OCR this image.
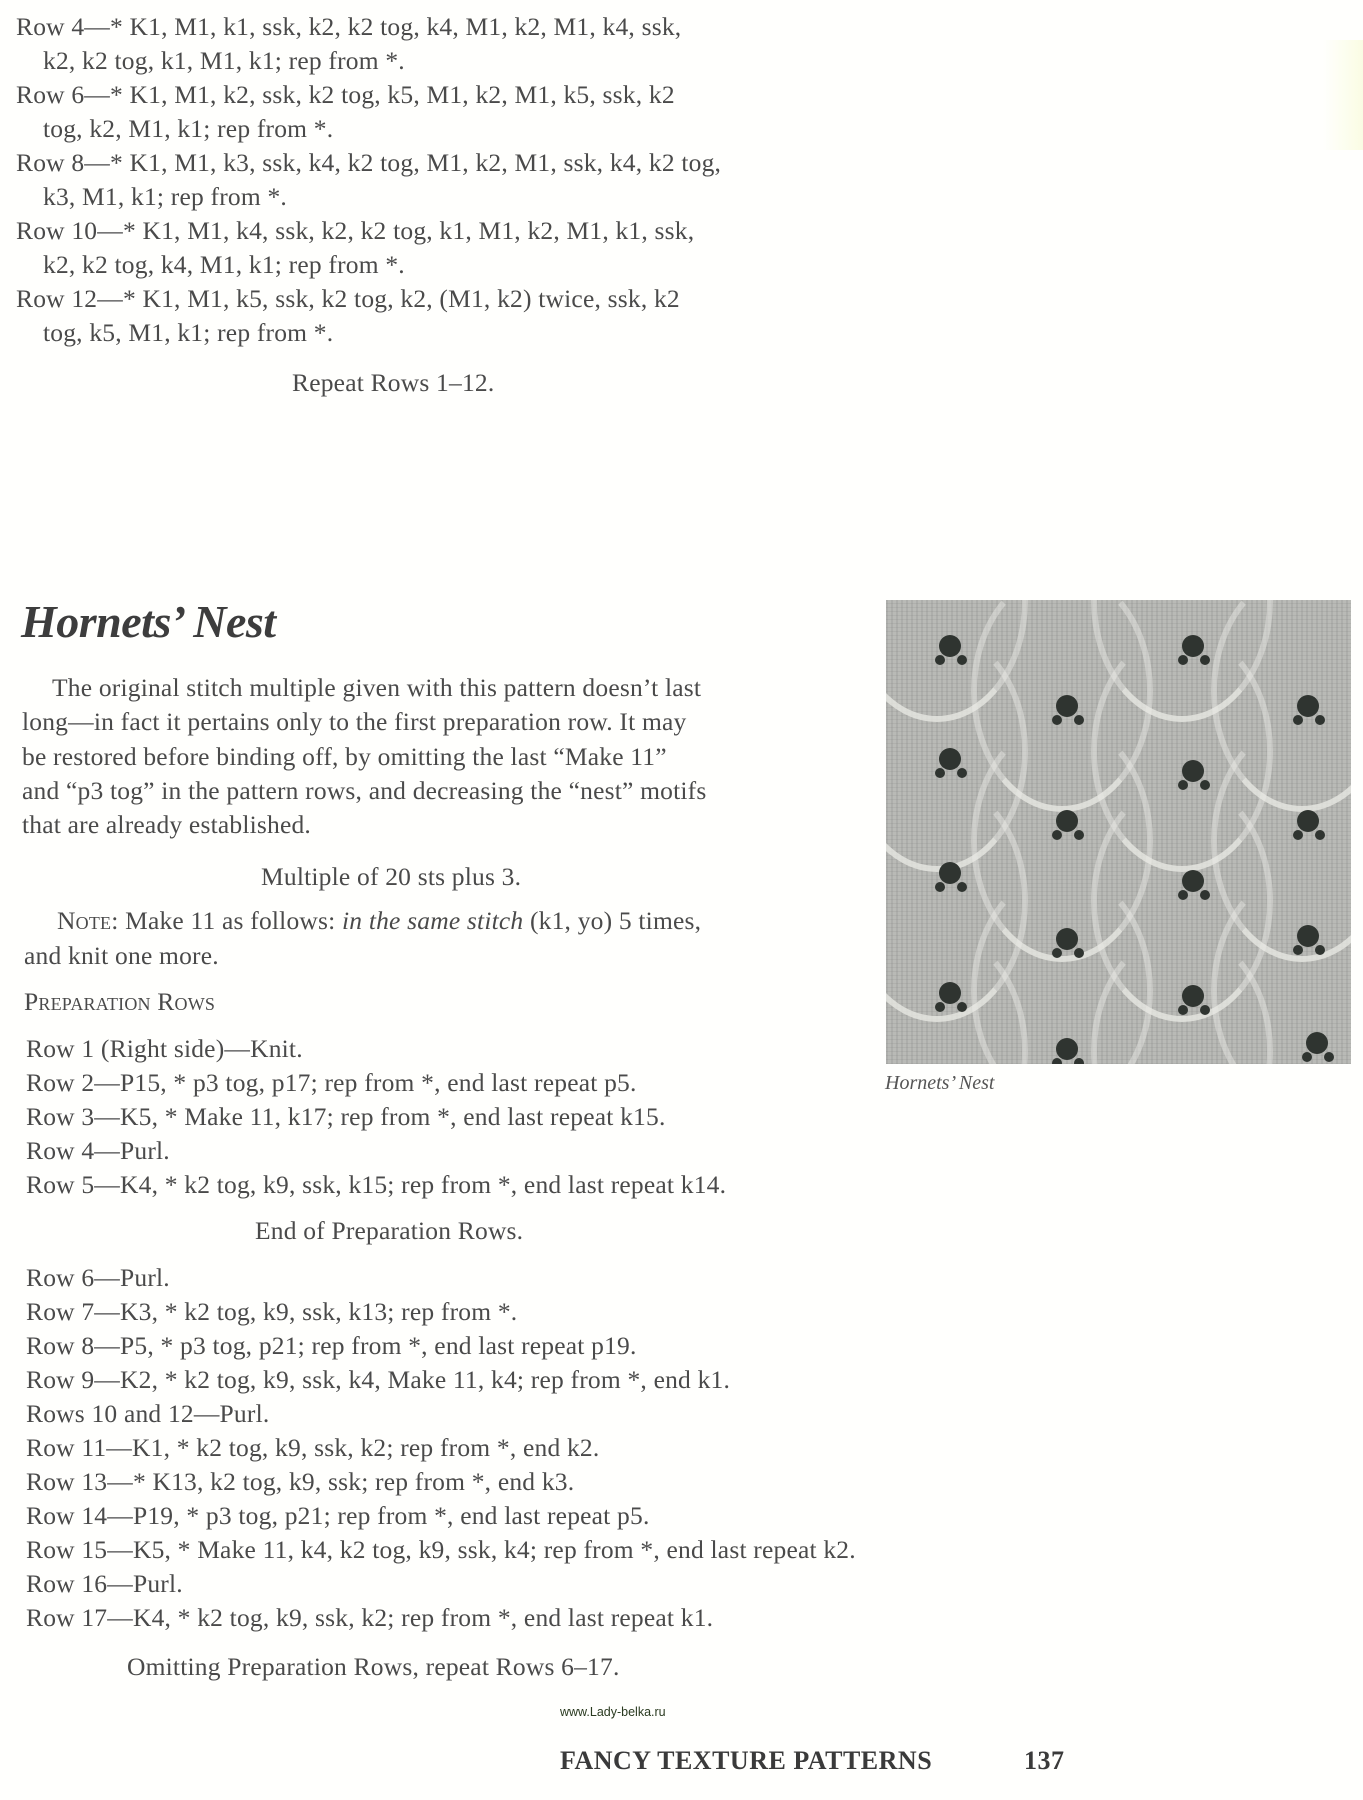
Row 4—* K1, M1, k1, ssk, k2, k2 tog, k4, M1, k2, M1, k4, ssk,
k2, k2 tog, k1, M1, k1; rep from *.
Row 6—* K1, M1, k2, ssk, k2 tog, k5, M1, k2, M1, k5, ssk, k2
tog, k2, M1, k1; rep from *.
Row 8—* K1, M1, k3, ssk, k4, k2 tog, M1, k2, M1, ssk, k4, k2 tog,
k3, M1, k1; rep from *.
Row 10—* K1, M1, k4, ssk, k2, k2 tog, k1, M1, k2, M1, k1, ssk,
k2, k2 tog, k4, M1, k1; rep from *.
Row 12—* K1, M1, k5, ssk, k2 tog, k2, (M1, k2) twice, ssk, k2
tog, k5, M1, k1; rep from *.
Repeat Rows 1–12.
Hornets’ Nest
The original stitch multiple given with this pattern doesn’t last
long—in fact it pertains only to the first preparation row. It may
be restored before binding off, by omitting the last “Make 11”
and “p3 tog” in the pattern rows, and decreasing the “nest” motifs
that are already established.
Multiple of 20 sts plus 3.
Note: Make 11 as follows: in the same stitch (k1, yo) 5 times,
and knit one more.
Preparation Rows
Row 1 (Right side)—Knit.
Row 2—P15, * p3 tog, p17; rep from *, end last repeat p5.
Row 3—K5, * Make 11, k17; rep from *, end last repeat k15.
Row 4—Purl.
Row 5—K4, * k2 tog, k9, ssk, k15; rep from *, end last repeat k14.
End of Preparation Rows.
Row 6—Purl.
Row 7—K3, * k2 tog, k9, ssk, k13; rep from *.
Row 8—P5, * p3 tog, p21; rep from *, end last repeat p19.
Row 9—K2, * k2 tog, k9, ssk, k4, Make 11, k4; rep from *, end k1.
Rows 10 and 12—Purl.
Row 11—K1, * k2 tog, k9, ssk, k2; rep from *, end k2.
Row 13—* K13, k2 tog, k9, ssk; rep from *, end k3.
Row 14—P19, * p3 tog, p21; rep from *, end last repeat p5.
Row 15—K5, * Make 11, k4, k2 tog, k9, ssk, k4; rep from *, end last repeat k2.
Row 16—Purl.
Row 17—K4, * k2 tog, k9, ssk, k2; rep from *, end last repeat k1.
Omitting Preparation Rows, repeat Rows 6–17.
Hornets’ Nest
www.Lady-belka.ru
FANCY TEXTURE PATTERNS	137
